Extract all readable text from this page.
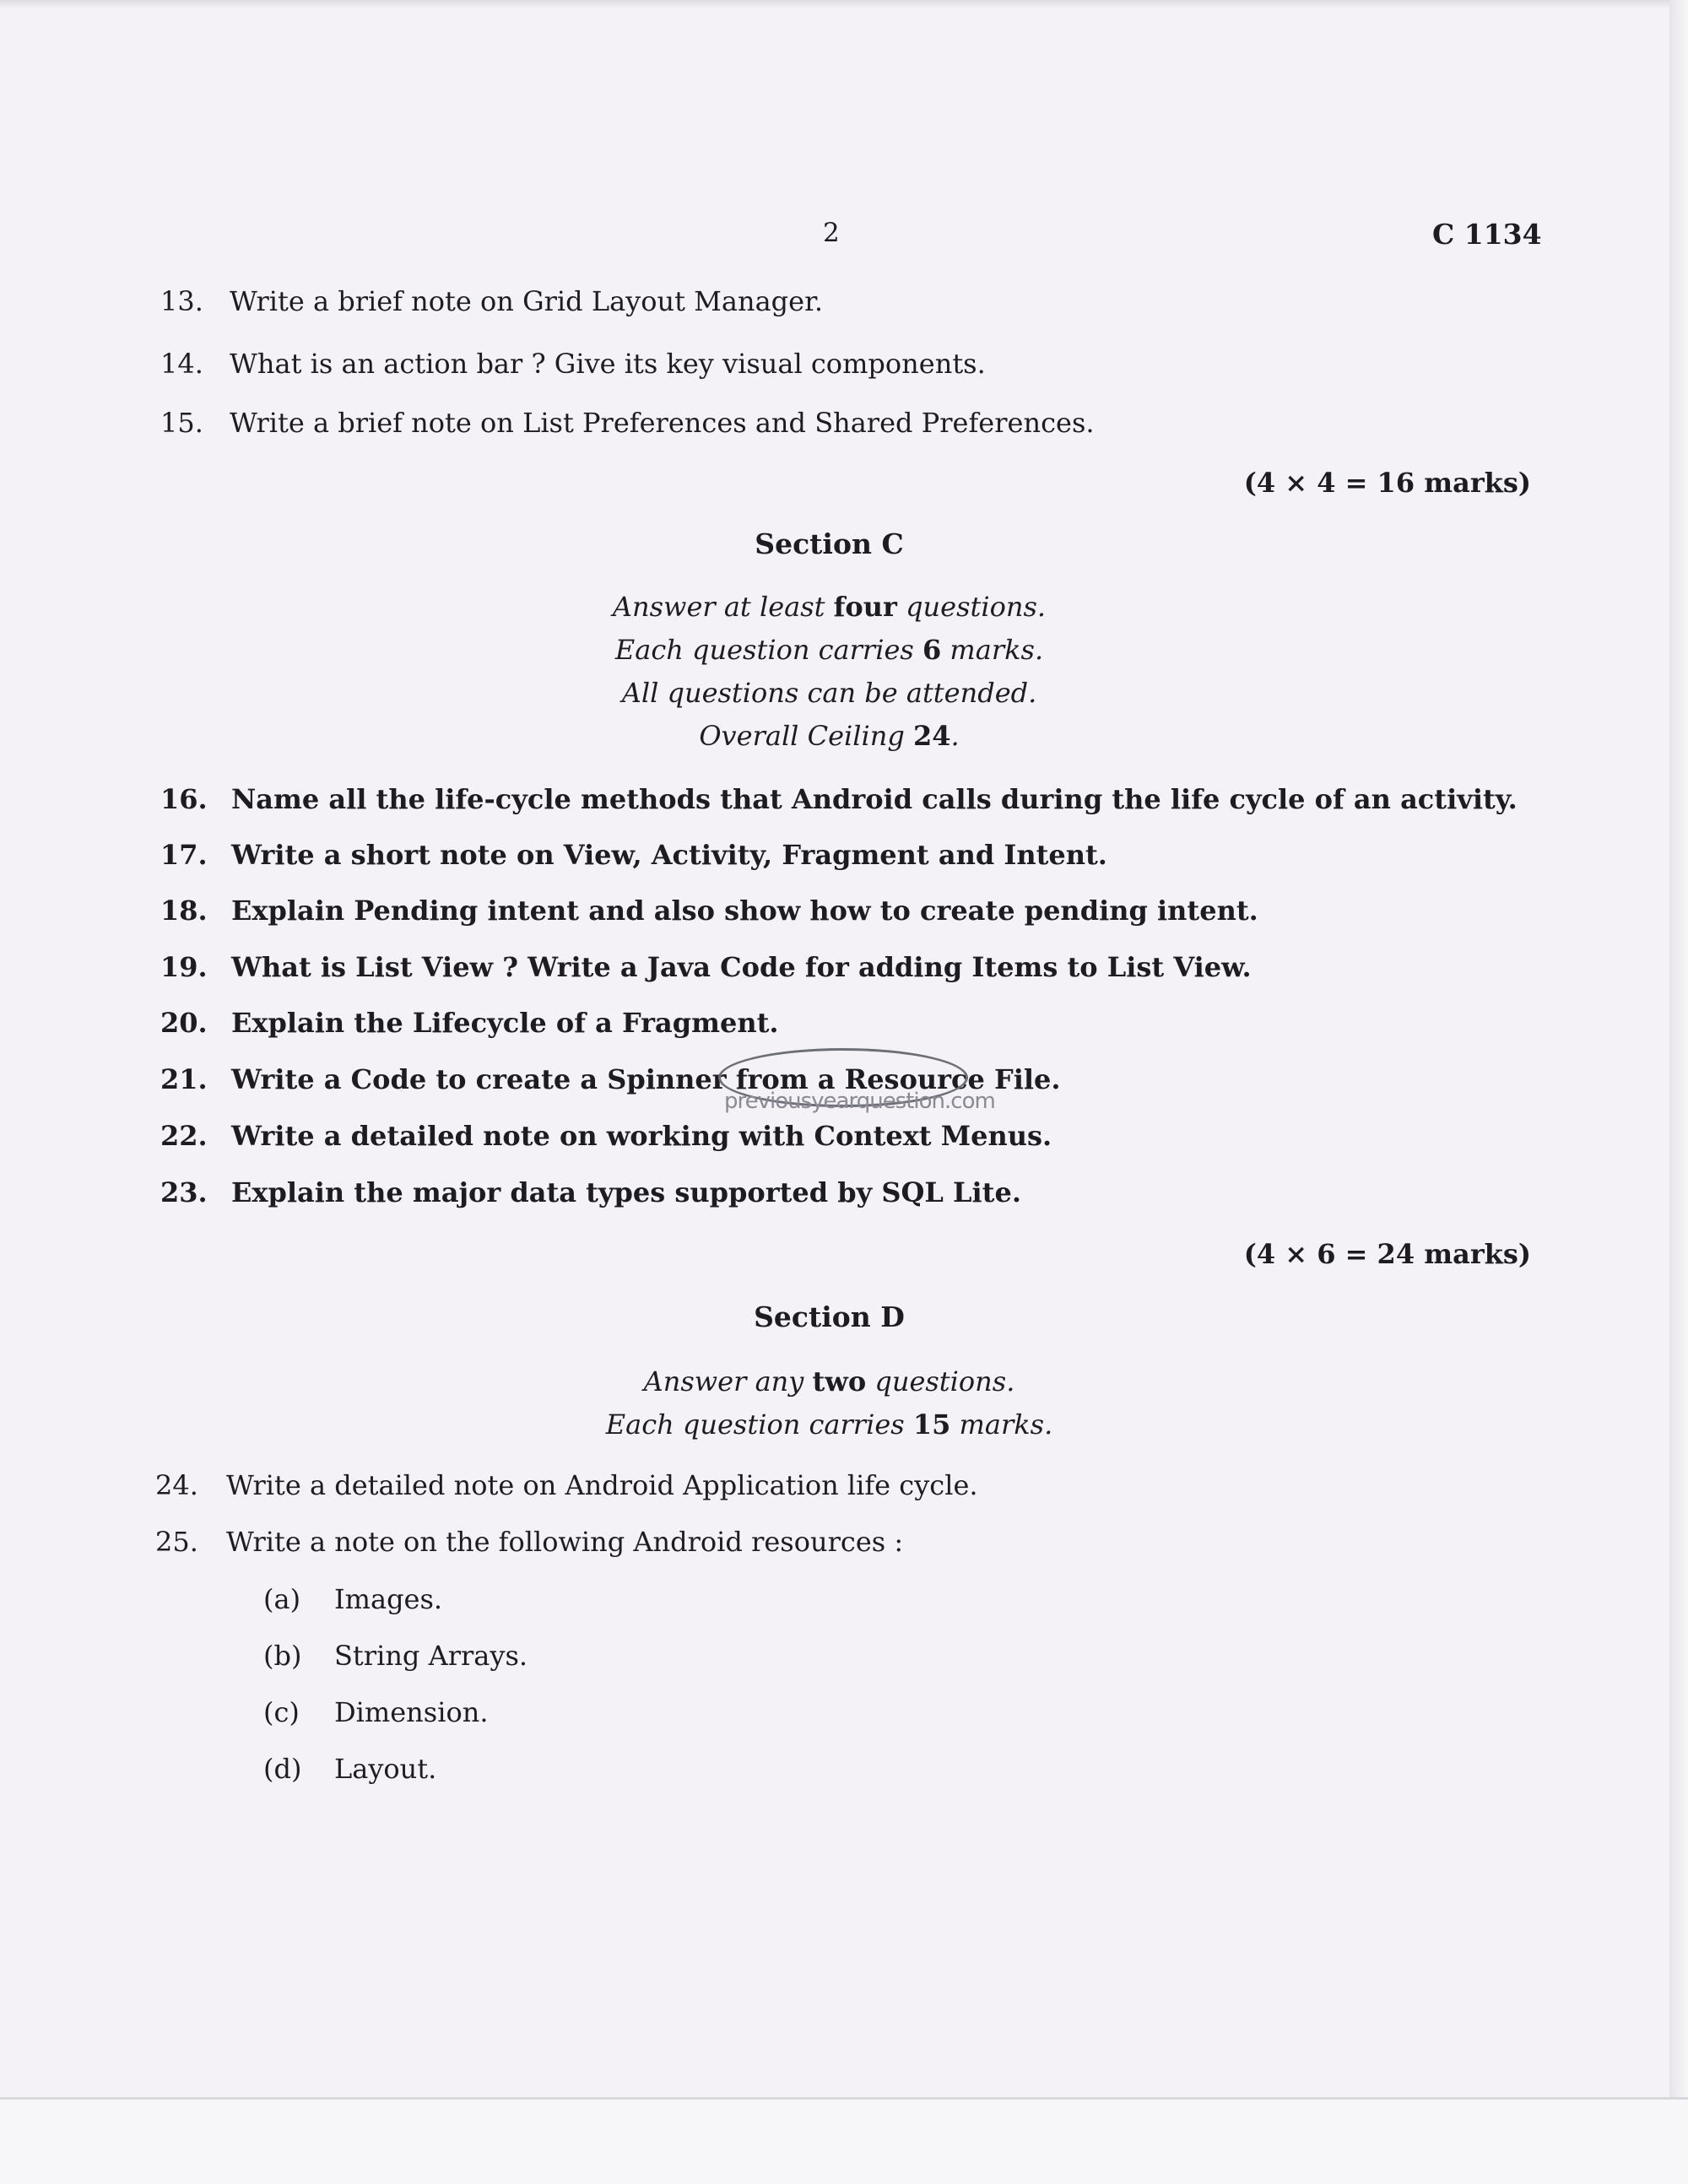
2	C 1134
13. Write a brief note on Grid Layout Manager.
14. What is an action bar ? Give its key visual components.
15. Write a brief note on List Preferences and Shared Preferences.
(4 × 4 = 16 marks)
Section C
Answer at least four questions.
Each question carries 6 marks.
All questions can be attended.
Overall Ceiling 24.
16. Name all the life-cycle methods that Android calls during the life cycle of an activity.
17. Write a short note on View, Activity, Fragment and Intent.
18. Explain Pending intent and also show how to create pending intent.
19. What is List View ? Write a Java Code for adding Items to List View.
20. Explain the Lifecycle of a Fragment.
21. Write a Code to create a Spinner from a Resource File.
22. Write a detailed note on working with Context Menus.
23. Explain the major data types supported by SQL Lite.
(4 × 6 = 24 marks)
previousyearquestion.com
Section D
Answer any two questions.
Each question carries 15 marks.
24. Write a detailed note on Android Application life cycle.
25. Write a note on the following Android resources :
(a) Images.
(b) String Arrays.
(c) Dimension.
(d) Layout.
